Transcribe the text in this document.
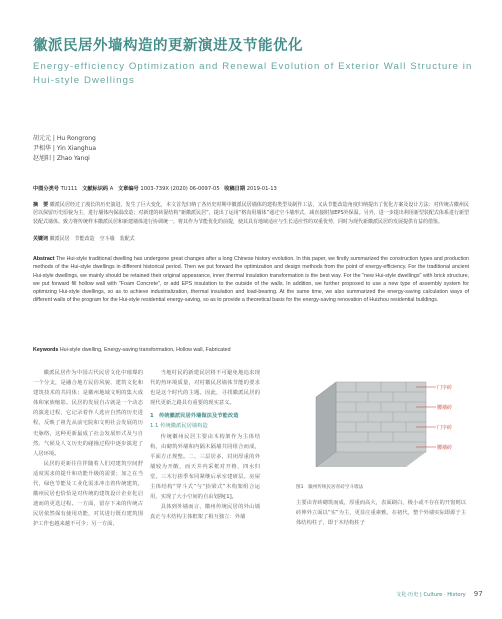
徽派民居外墙构造的更新演进及节能优化
Energy-efficiency Optimization and Renewal Evolution of Exterior Wall Structure in Hui-style Dwellings
胡元元 | Hu Rongrong
尹相华 | Yin Xianghua
赵旭阳 | Zhao Yanqi
中图分类号 TU111 文献标识码 A 文章编号 1003-739X (2020) 06-0097-05 收稿日期 2019-01-13
摘　要 徽派民居经过了漫长的历史演进，发生了巨大变化，本文首先归纳了各历史时期中徽派民居墙体的建构类型及制作工法，又从节能改造角度归纳提出了优化方案及设计方法：对传统古徽州民居以保留历史原貌为主，进行墙体内保温改造；对新建的砖混结构“新徽派民居”，提出了运用“格沟用墙体”通过空斗墙形式，减直接附加EPS外保温。另外，进一步提出利用新型装配式体系进行新型装配式墙体。致力将传统样本徽派民居和新建墙体进行协调统一，将其作为节能优化的前提，使其具有地域适应与生长适应性的双重优势，同时为现代新徽派民居的发展提供有益的借鉴。
关键词 徽派民居　节能改造　空斗墙　装配式
Abstract The Hui-style traditional dwelling has undergone great changes after a long Chinese history evolution. In this paper, we firstly summarized the construction types and production methods of the Hui-style dwellings in different historical period. Then we put forward the optimization and design methods from the point of energy-efficiency. For the traditional ancient Hui-style dwellings, we mainly should be retained their original appearance, inner thermal insulation transformation is the best way. For the "new Hui-style dwellings" with brick structure, we put forward fill hollow wall with "Foam Concrete", or add EPS insulation to the outside of the walls. In addition, we further proposed to use a new type of assembly system for optimizing Hui-style dwellings, so as to achieve industrialization, thermal insulation and load-bearing. At the same time, we also summarized the energy-saving calculation ways of different walls of the program for the Hui-style residential energy-saving, so as to provide a theoretical basis for the energy-saving renovation of Huizhou residential buildings.
Keywords Hui-style dwelling, Energy-saving transformation, Hollow wall, Fabricated

徽派民居作为中国古代民居文化中璀璨的一个分支，是融合地方民俗风貌、建筑文化和建筑技术的共同体；是徽州地域文明的集大成体和家族缩影。民居的发展自古就是一个动态的演进过程，它记录着作人选应自然的历史进程，反映了祖先从前宅院和文明社会发展的历史脉络，这种更新最成了社会发展形式及与自然、气候及人文历史的碰撞过程中逐步演进了人居环境。

民居的更新往往伴随着人们对建筑空间舒适度需求的提升和功能升级的需要；加之在当代，绿色节能及工业化需求冲击着传统建筑，徽州民居也恰恰是对传统的建筑设计企业化启迪而的更迭过程。一方面，留存下来的传统古民居依然保有使用功能，对其进行既有建筑围护工作也越来越不可少；另一方面，

当地村民的新建民居将不可避免地追求现代的热环境质量，对村徽民居墙体节能的要求也是这个时代的主题。因此，寻找徽派民居的现代更新之路具有重要的现实意义。

1　传统徽派民居外墙做法及节能改造

1.1 传统徽派民居墙构造

传统徽州民居主要由木构架作为主体结构，由砌筑外墙和内隔木隔墙共同组合而成，平面方正规整。二、三层居多，封闭厚重的外墙较为开敞，而天井内采框对开格，四水归堂。三木行搓季布同紧继后承室建研层。房屋主体结构“穿斗式”与“抬梁式”木构架组合运用，实现了大小空间的自由划换[1]。

具体到外墙而言，徽州传统民居的外山墙真正与木结构主体框架了相互独立：外墙

门字砖
腰墙砖
门字砖
腰墙砖
图1　徽州传统民居青砖空斗墙法

主要由青砖砌筑而成，厚重而高大，表面刷白，极小或不存在的开窗则以砖伸外立面以“实”为主，更显庄重素雅。在初代，整个外墙实际即源于主体结构柱子，即于木结构柱子

文化·历史 | Culture · History 97
